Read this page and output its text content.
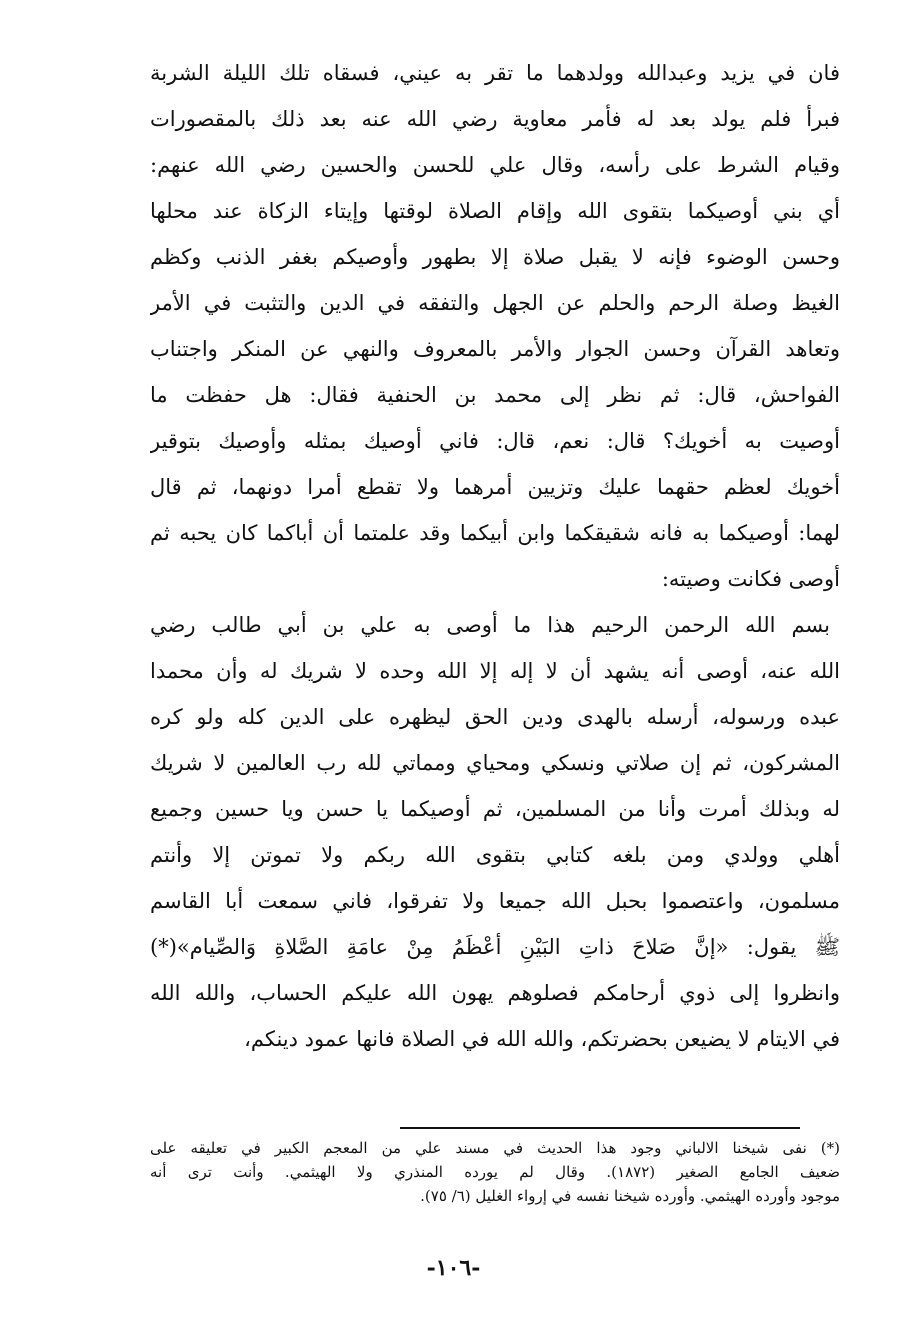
فان في يزيد وعبدالله وولدهما ما تقر به عيني، فسقاه تلك الليلة الشربة
فبرأ فلم يولد بعد له فأمر معاوية رضي الله عنه بعد ذلك بالمقصورات
وقيام الشرط على رأسه، وقال علي للحسن والحسين رضي الله عنهم:
أي بني أوصيكما بتقوى الله وإقام الصلاة لوقتها وإيتاء الزكاة عند محلها
وحسن الوضوء فإنه لا يقبل صلاة إلا بطهور وأوصيكم بغفر الذنب وكظم
الغيظ وصلة الرحم والحلم عن الجهل والتفقه في الدين والتثبت في الأمر
وتعاهد القرآن وحسن الجوار والأمر بالمعروف والنهي عن المنكر واجتناب
الفواحش، قال: ثم نظر إلى محمد بن الحنفية فقال: هل حفظت ما
أوصيت به أخويك؟ قال: نعم، قال: فاني أوصيك بمثله وأوصيك بتوقير
أخويك لعظم حقهما عليك وتزيين أمرهما ولا تقطع أمرا دونهما، ثم قال
لهما: أوصيكما به فانه شقيقكما وابن أبيكما وقد علمتما أن أباكما كان يحبه ثم
أوصى فكانت وصيته:
بسم الله الرحمن الرحيم هذا ما أوصى به علي بن أبي طالب رضي
الله عنه، أوصى أنه يشهد أن لا إله إلا الله وحده لا شريك له وأن محمدا
عبده ورسوله، أرسله بالهدى ودين الحق ليظهره على الدين كله ولو كره
المشركون، ثم إن صلاتي ونسكي ومحياي ومماتي لله رب العالمين لا شريك
له وبذلك أمرت وأنا من المسلمين، ثم أوصيكما يا حسن ويا حسين وجميع
أهلي وولدي ومن بلغه كتابي بتقوى الله ربكم ولا تموتن إلا وأنتم
مسلمون، واعتصموا بحبل الله جميعا ولا تفرقوا، فاني سمعت أبا القاسم
ﷺ يقول: «إنَّ صَلاحَ ذاتِ البَيْنِ أعْظَمُ مِنْ عامَةِ الصَّلاةِ وَالصِّيام»(*)
وانظروا إلى ذوي أرحامكم فصلوهم يهون الله عليكم الحساب، والله الله
في الايتام لا يضيعن بحضرتكم، والله الله في الصلاة فانها عمود دينكم،
(*) نفى شيخنا الالباني وجود هذا الحديث في مسند علي من المعجم الكبير في تعليقه على
ضعيف الجامع الصغير (١٨٧٢). وقال لم يورده المنذري ولا الهيثمي. وأنت ترى أنه
موجود وأورده الهيثمي. وأورده شيخنا نفسه في إرواء الغليل (٦/ ٧٥).
-١٠٦-
